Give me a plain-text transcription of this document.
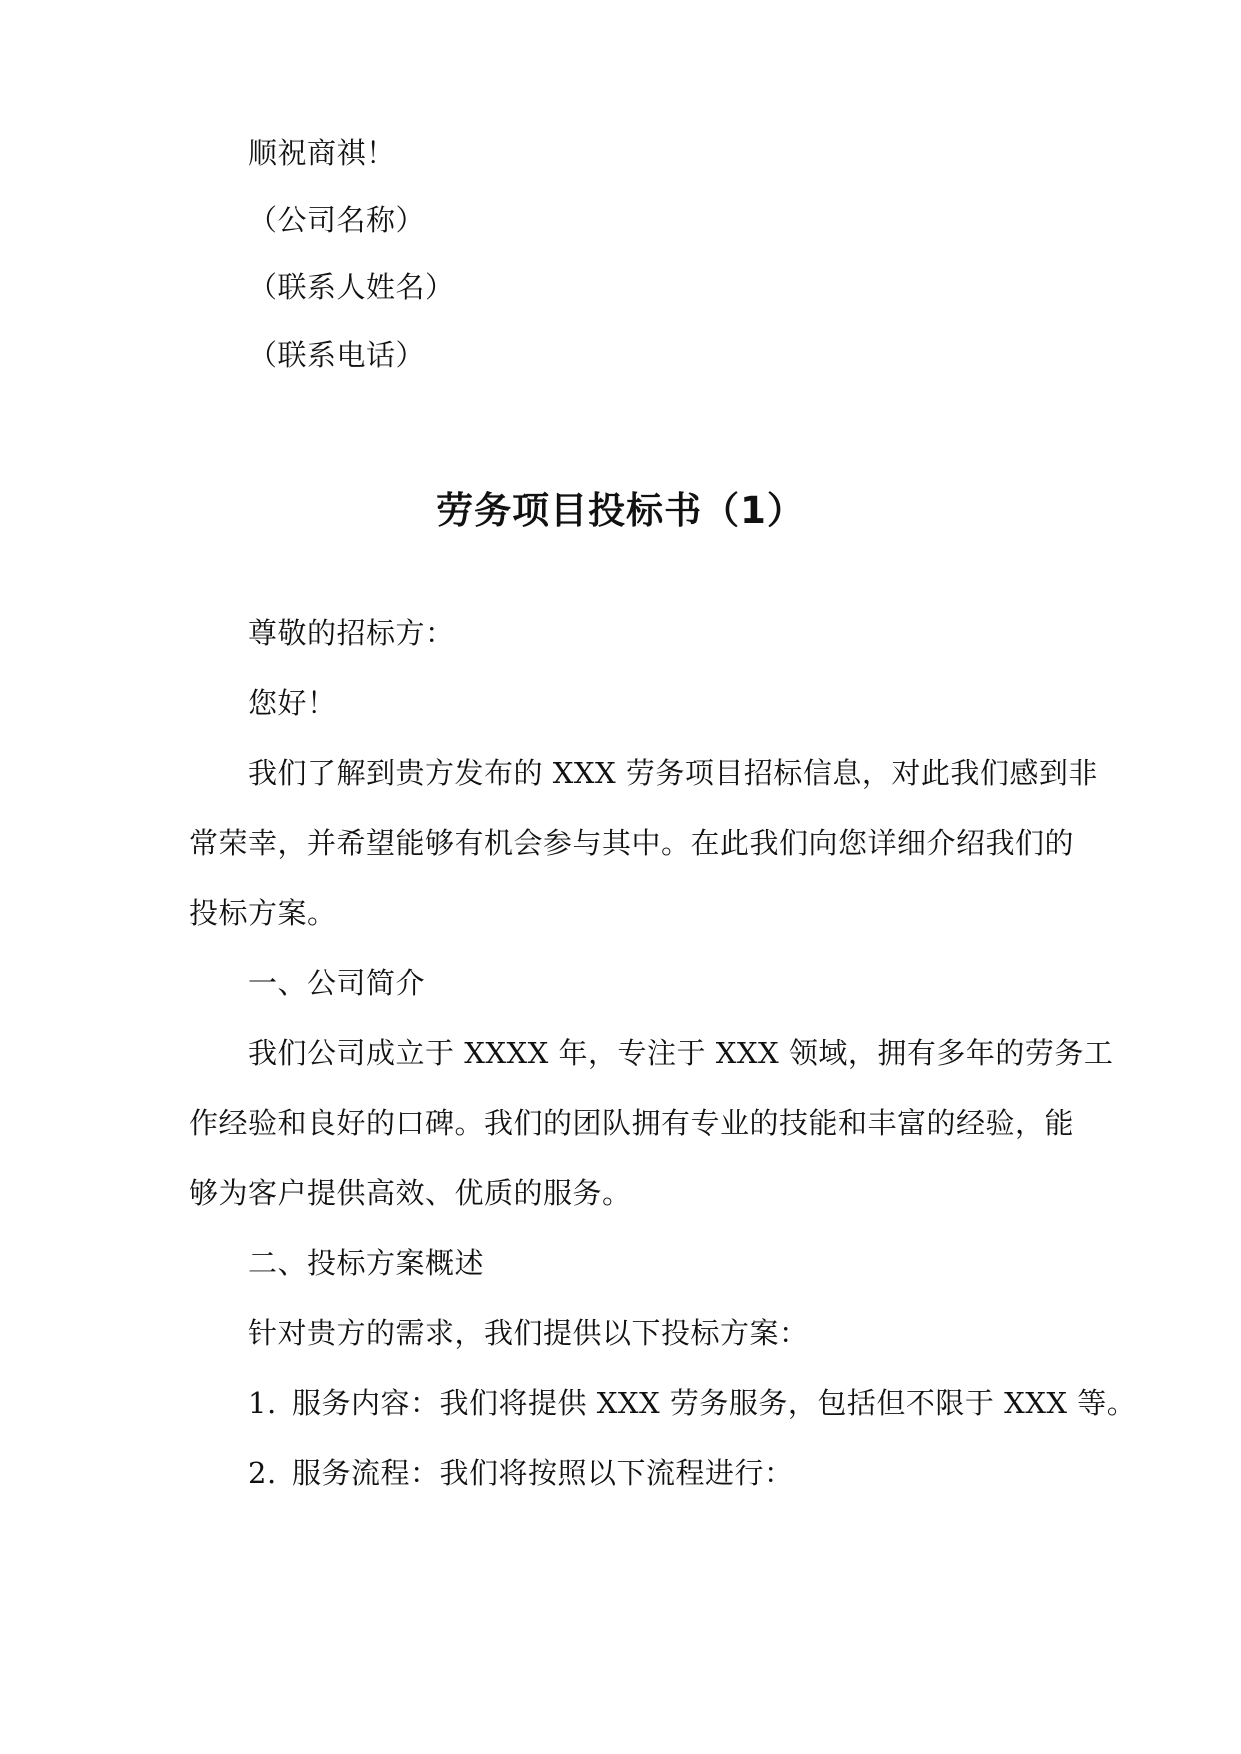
顺祝商祺！
（公司名称）
（联系人姓名）
（联系电话）
劳务项目投标书（1）
尊敬的招标方：
您好！
我们了解到贵方发布的 XXX 劳务项目招标信息，对此我们感到非
常荣幸，并希望能够有机会参与其中。在此我们向您详细介绍我们的
投标方案。
一、公司简介
我们公司成立于 XXXX 年，专注于 XXX 领域，拥有多年的劳务工
作经验和良好的口碑。我们的团队拥有专业的技能和丰富的经验，能
够为客户提供高效、优质的服务。
二、投标方案概述
针对贵方的需求，我们提供以下投标方案：
1. 服务内容：我们将提供 XXX 劳务服务，包括但不限于 XXX 等。
2. 服务流程：我们将按照以下流程进行：
